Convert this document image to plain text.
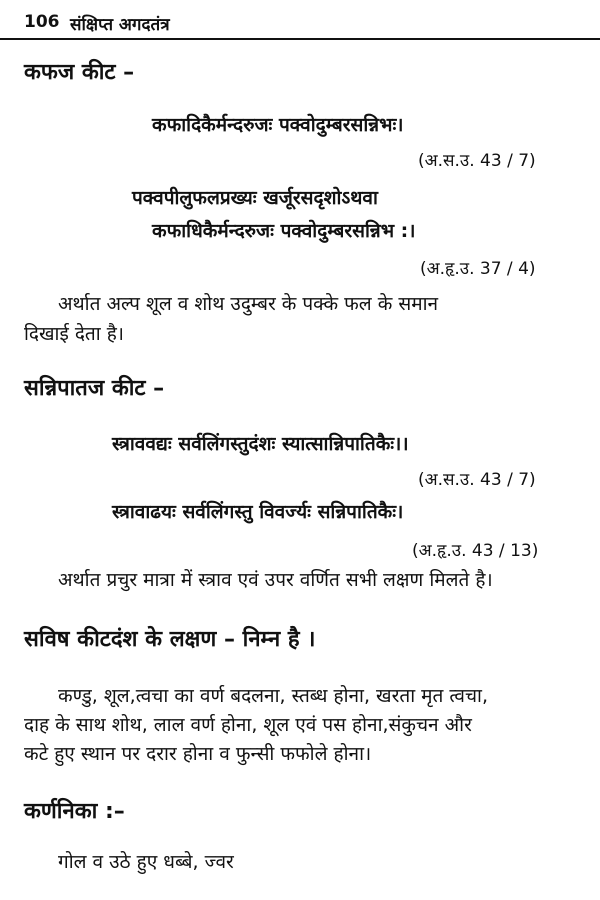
106 संक्षिप्त अगदतंत्र
कफज कीट –
कफादिकैर्मन्दरुजः पक्वोदुम्बरसन्निभः।
(अ.स.उ. 43 / 7)
पक्वपीलुफलप्रख्यः खर्जूरसदृशोऽथवा
कफाधिकैर्मन्दरुजः पक्वोदुम्बरसन्निभ :।
(अ.हृ.उ. 37 / 4)
अर्थात अल्प शूल व शोथ उदुम्बर के पक्के फल के समान
दिखाई देता है।
सन्निपातज कीट –
स्त्राववद्यः सर्वलिंगस्तुदंशः स्यात्सान्निपातिकैः।।
(अ.स.उ. 43 / 7)
स्त्रावाढयः सर्वलिंगस्तु विवर्ज्यः सन्निपातिकैः।
(अ.हृ.उ. 43 / 13)
अर्थात प्रचुर मात्रा में स्त्राव एवं उपर वर्णित सभी लक्षण मिलते है।
सविष कीटदंश के लक्षण – निम्न है ।
कण्डु, शूल,त्वचा का वर्ण बदलना, स्तब्ध होना, खरता मृत त्वचा,
दाह के साथ शोथ, लाल वर्ण होना, शूल एवं पस होना,संकुचन और
कटे हुए स्थान पर दरार होना व फुन्सी फफोले होना।
कर्णनिका :–
गोल व उठे हुए धब्बे, ज्वर
